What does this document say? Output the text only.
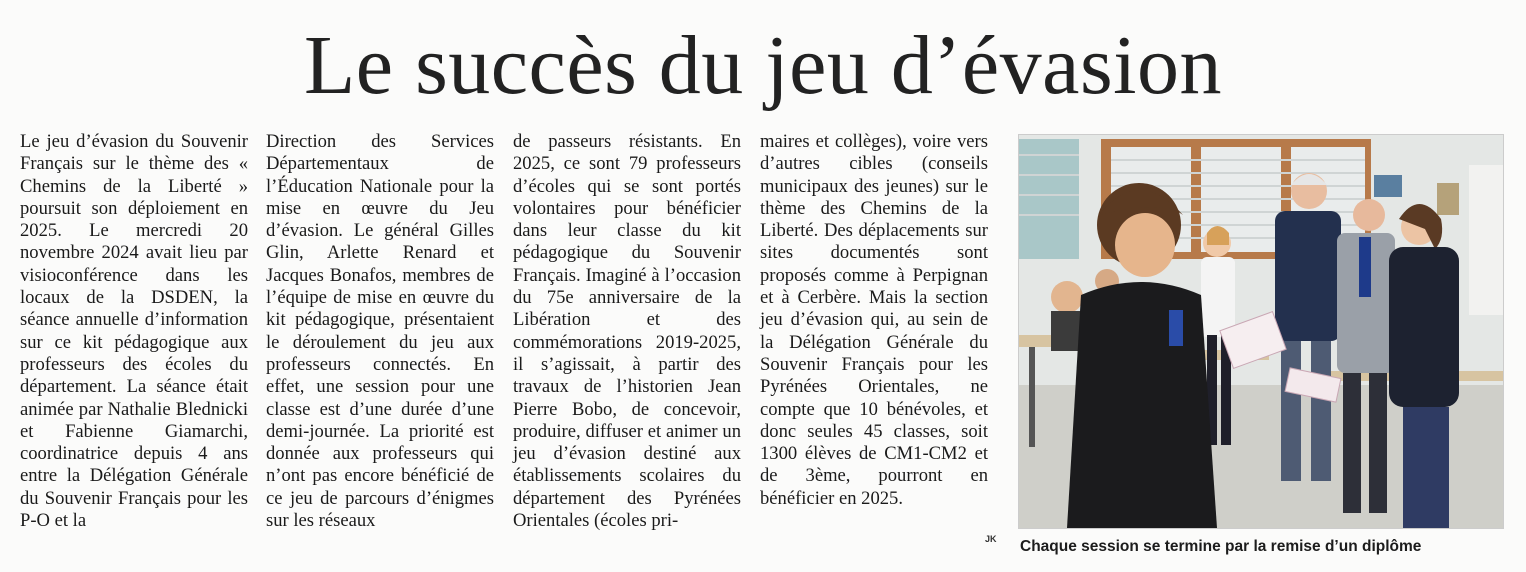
Le succès du jeu d’évasion

Le jeu d’évasion du Souvenir Français sur le thème des « Chemins de la Liberté » poursuit son déploiement en 2025. Le mercredi 20 novembre 2024 avait lieu par visioconférence dans les locaux de la DSDEN, la séance annuelle d’information sur ce kit pédagogique aux professeurs des écoles du département. La séance était animée par Nathalie Blednicki et Fabienne Giamarchi, coordinatrice depuis 4 ans entre la Délégation Générale du Souvenir Français pour les P-O et la

Direction des Services Départementaux de l’Éducation Nationale pour la mise en œuvre du Jeu d’évasion. Le général Gilles Glin, Arlette Renard et Jacques Bonafos, membres de l’équipe de mise en œuvre du kit pédagogique, présentaient le déroulement du jeu aux professeurs connectés. En effet, une session pour une classe est d’une durée d’une demi-journée. La priorité est donnée aux professeurs qui n’ont pas encore bénéficié de ce jeu de parcours d’énigmes sur les réseaux

de passeurs résistants. En 2025, ce sont 79 professeurs d’écoles qui se sont portés volontaires pour bénéficier dans leur classe du kit pédagogique du Souvenir Français. Imaginé à l’occasion du 75e anniversaire de la Libération et des commémorations 2019-2025, il s’agissait, à partir des travaux de l’historien Jean Pierre Bobo, de concevoir, produire, diffuser et animer un jeu d’évasion destiné aux établissements scolaires du département des Pyrénées Orientales (écoles pri-

maires et collèges), voire vers d’autres cibles (conseils municipaux des jeunes) sur le thème des Chemins de la Liberté. Des déplacements sur sites documentés sont proposés comme à Perpignan et à Cerbère. Mais la section jeu d’évasion qui, au sein de la Délégation Générale du Souvenir Français pour les Pyrénées Orientales, ne compte que 10 bénévoles, et donc seules 45 classes, soit 1300 élèves de CM1-CM2 et de 3ème, pourront en bénéficier en 2025.

JK Chaque session se termine par la remise d’un diplôme
